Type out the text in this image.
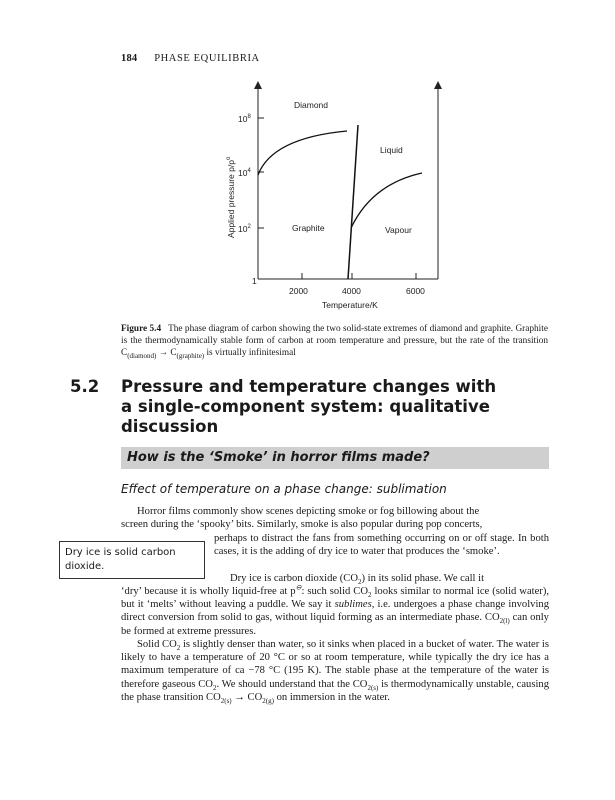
184 PHASE EQUILIBRIA
$10^8$
$10^4$
$10^2$
1
2000	4000	6000
Temperature/K
Applied pressure $p/p^o$
Diamond
Liquid
Graphite	Vapour
Figure 5.4 The phase diagram of carbon showing the two solid-state extremes of diamond and graphite. Graphite is the thermodynamically stable form of carbon at room temperature and pressure, but the rate of the transition $C_{(diamond)} \to C_{(graphite)}$ is virtually infinitesimal
5.2 Pressure and temperature changes with a single-component system: qualitative discussion
How is the ‘Smoke’ in horror films made?
Effect of temperature on a phase change: sublimation
Horror films commonly show scenes depicting smoke or fog billowing about the
screen during the ‘spooky’ bits. Similarly, smoke is also popular during pop concerts,
Dry ice is solid carbon dioxide.
perhaps to distract the fans from something occurring on or off stage. In both cases, it is the adding of dry ice to water that produces the ‘smoke’.
Dry ice is carbon dioxide $(CO_2)$ in its solid phase. We call it
‘dry’ because it is wholly liquid-free at p⊖: such solid $CO_2$ looks similar to normal ice (solid water), but it ‘melts’ without leaving a puddle. We say it sublimes, i.e. undergoes a phase change involving direct conversion from solid to gas, without liquid forming as an intermediate phase. $CO_{2(l)}$ can only be formed at extreme pressures.
Solid $CO_2$ is slightly denser than water, so it sinks when placed in a bucket of water. The water is likely to have a temperature of 20 °C or so at room temperature, while typically the dry ice has a maximum temperature of ca −78 °C (195 K). The stable phase at the temperature of the water is therefore gaseous $CO_2$. We should understand that the $CO_{2(s)}$ is thermodynamically unstable, causing the phase transition $CO_{2(s)} \to CO_{2(g)}$ on immersion in the water.
